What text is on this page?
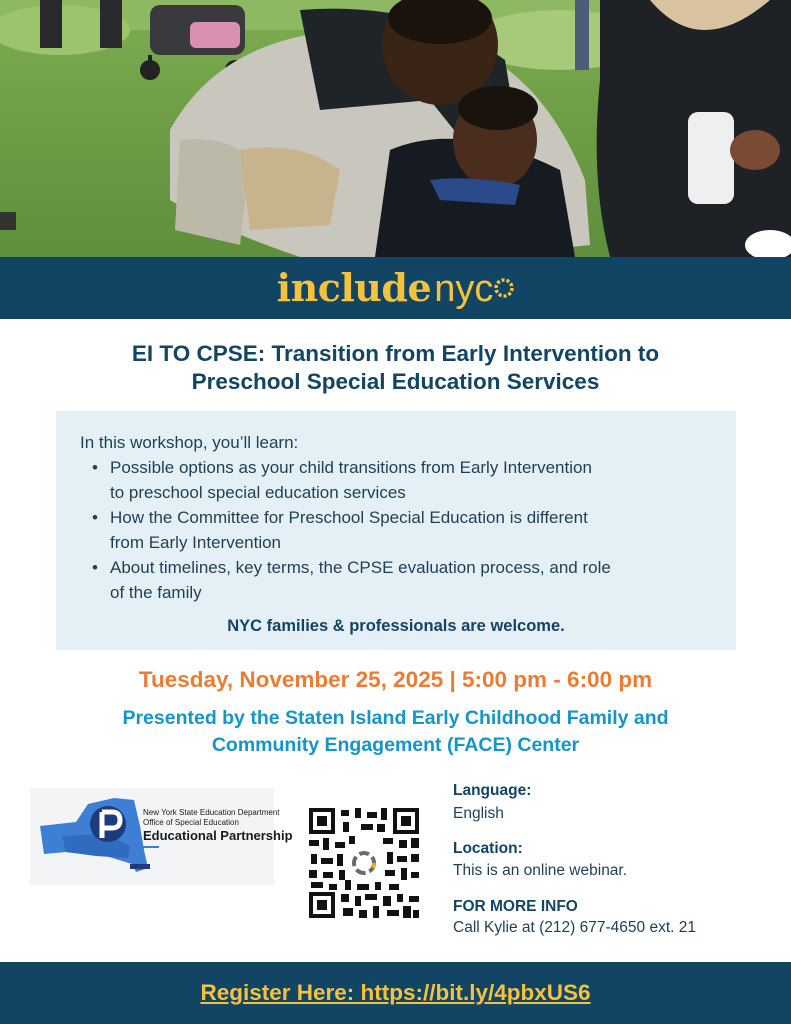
include nyc
EI TO CPSE: Transition from Early Intervention to
Preschool Special Education Services
In this workshop, you’ll learn:
• Possible options as your child transitions from Early Intervention
to preschool special education services
• How the Committee for Preschool Special Education is different
from Early Intervention
• About timelines, key terms, the CPSE evaluation process, and role
of the family
NYC families & professionals are welcome.
Tuesday, November 25, 2025 | 5:00 pm - 6:00 pm
Presented by the Staten Island Early Childhood Family and
Community Engagement (FACE) Center
New York State Education Department
Office of Special Education
Educational Partnership
Language:
English
Location:
This is an online webinar.
FOR MORE INFO
Call Kylie at (212) 677-4650 ext. 21
Register Here: https://bit.ly/4pbxUS6
